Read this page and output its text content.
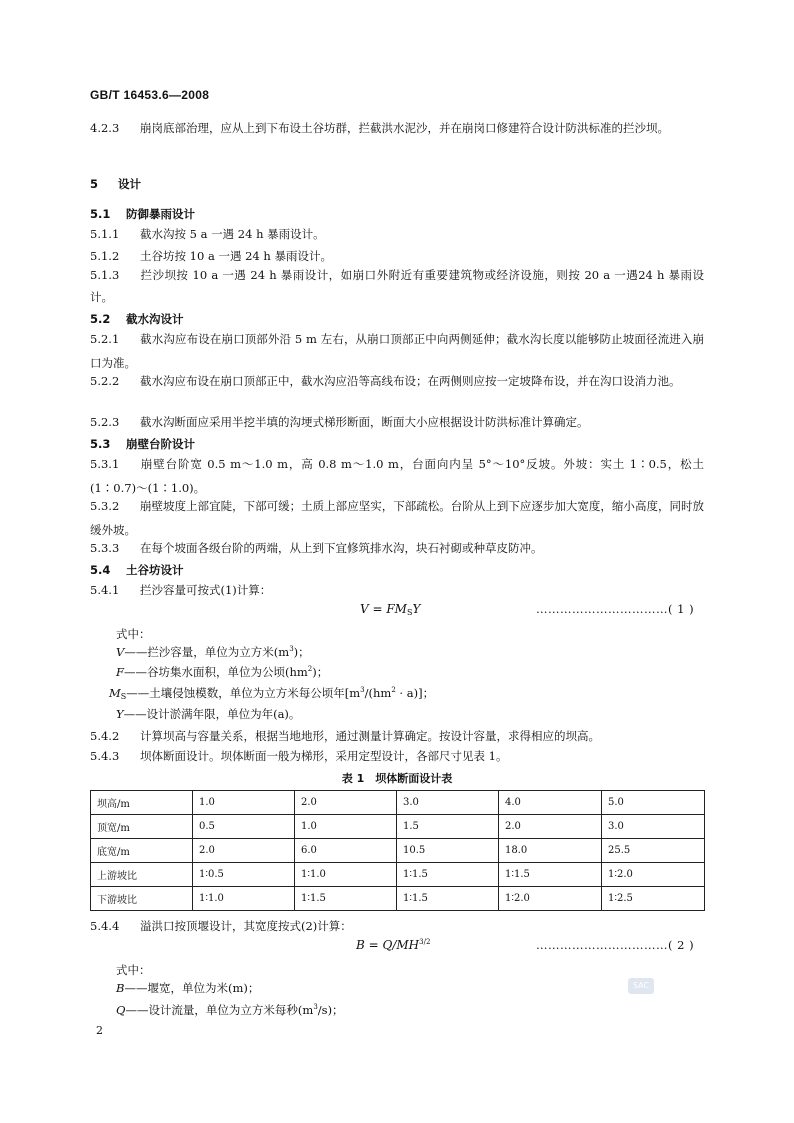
GB/T 16453.6—2008
4.2.3 崩岗底部治理，应从上到下布设土谷坊群，拦截洪水泥沙，并在崩岗口修建符合设计防洪标准的拦沙坝。
5 设计
5.1 防御暴雨设计
5.1.1 截水沟按 5 a 一遇 24 h 暴雨设计。
5.1.2 土谷坊按 10 a 一遇 24 h 暴雨设计。
5.1.3 拦沙坝按 10 a 一遇 24 h 暴雨设计，如崩口外附近有重要建筑物或经济设施，则按 20 a 一遇24 h 暴雨设计。
5.2 截水沟设计
5.2.1 截水沟应布设在崩口顶部外沿 5 m 左右，从崩口顶部正中向两侧延伸；截水沟长度以能够防止坡面径流进入崩口为准。
5.2.2 截水沟应布设在崩口顶部正中，截水沟应沿等高线布设；在两侧则应按一定坡降布设，并在沟口设消力池。
5.2.3 截水沟断面应采用半挖半填的沟埂式梯形断面，断面大小应根据设计防洪标准计算确定。
5.3 崩壁台阶设计
5.3.1 崩壁台阶宽 0.5 m～1.0 m，高 0.8 m～1.0 m，台面向内呈 5°～10°反坡。外坡：实土 1∶0.5，松土(1∶0.7)～(1∶1.0)。
5.3.2 崩壁坡度上部宜陡，下部可缓；土质上部应坚实，下部疏松。台阶从上到下应逐步加大宽度，缩小高度，同时放缓外坡。
5.3.3 在每个坡面各级台阶的两端，从上到下宜修筑排水沟，块石衬砌或种草皮防冲。
5.4 土谷坊设计
5.4.1 拦沙容量可按式(1)计算：
$V = FM_SY$	……………………………( 1 )
式中：
V——拦沙容量，单位为立方米$(m^3)$；
F——谷坊集水面积，单位为公顷$(hm^2)$；
$M_S——$土壤侵蚀模数，单位为立方米每公顷年$[m^3/(hm^2 \cdot a)]$；
Y——设计淤满年限，单位为年(a)。
5.4.2 计算坝高与容量关系，根据当地地形，通过测量计算确定。按设计容量，求得相应的坝高。
5.4.3 坝体断面设计。坝体断面一般为梯形，采用定型设计，各部尺寸见表 1。
表 1　坝体断面设计表
坝高/m	1.0	2.0	3.0	4.0	5.0
顶宽/m	0.5	1.0	1.5	2.0	3.0
底宽/m	2.0	6.0	10.5	18.0	25.5
上游坡比	1∶0.5	1∶1.0	1∶1.5	1∶1.5	1∶2.0
下游坡比	1∶1.0	1∶1.5	1∶1.5	1∶2.0	1∶2.5
5.4.4 溢洪口按顶堰设计，其宽度按式(2)计算：
$B = Q/MH^{3/2}$	……………………………( 2 )
式中：
B——堰宽，单位为米(m)；
Q——设计流量，单位为立方米每秒$(m^3/s)$；
SAC
2
